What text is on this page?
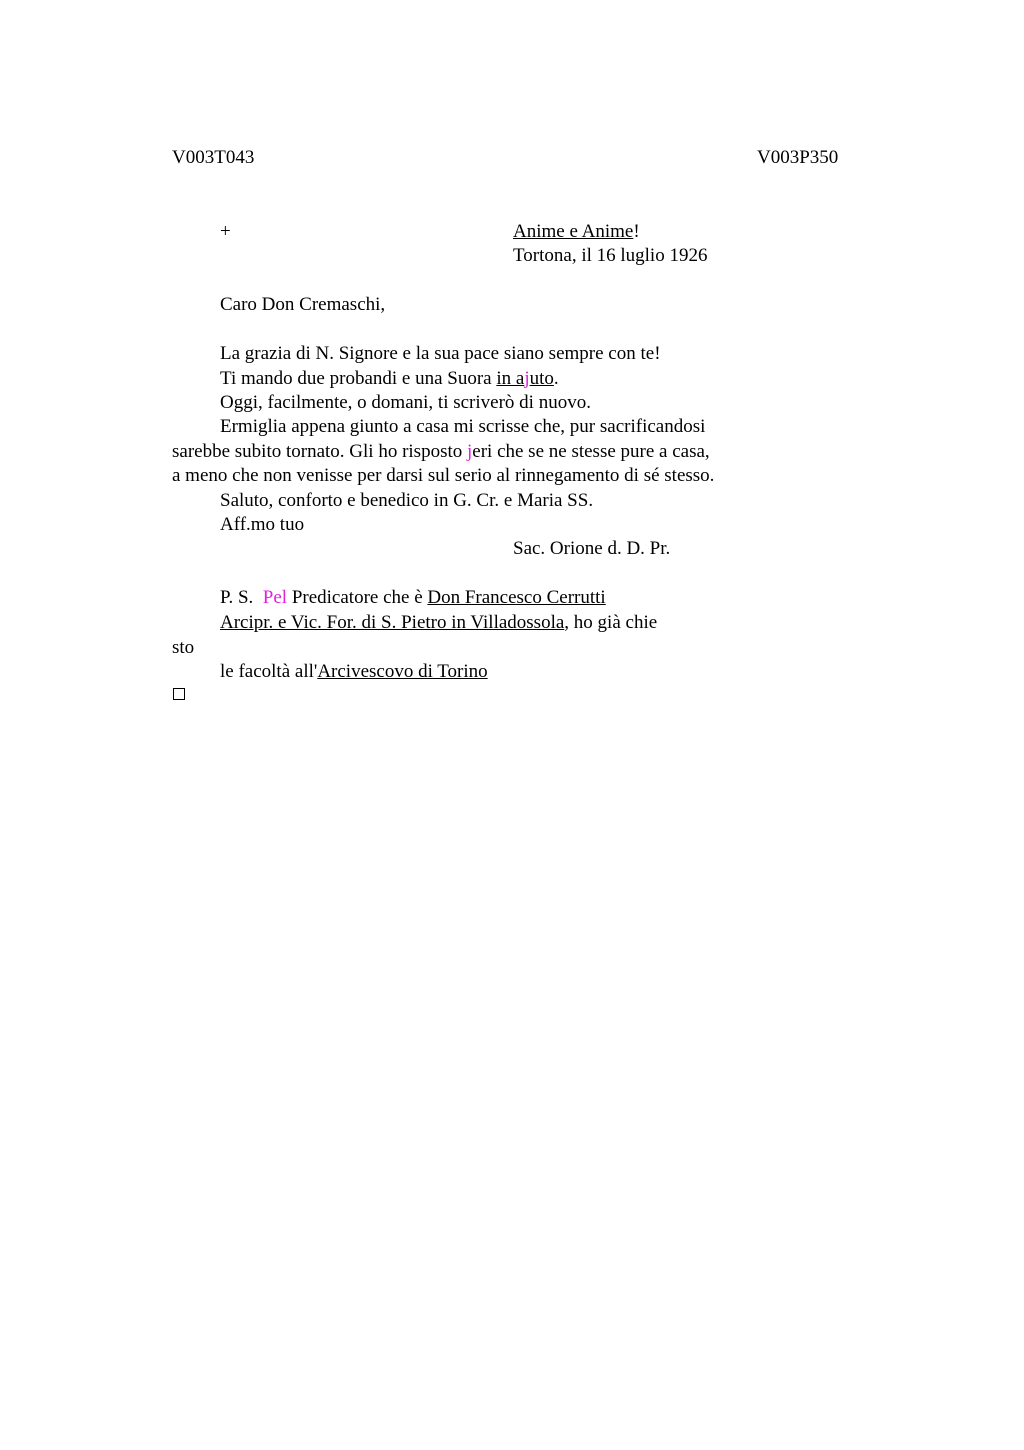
V003T043	V003P350

+	Anime e Anime!

Tortona, il 16 luglio 1926

Caro Don Cremaschi,

La grazia di N. Signore e la sua pace siano sempre con te!

Ti mando due probandi e una Suora in ajuto.

Oggi, facilmente, o domani, ti scriverò di nuovo.

Ermiglia appena giunto a casa mi scrisse che, pur sacrificandosi

sarebbe subito tornato. Gli ho risposto jeri che se ne stesse pure a casa,

a meno che non venisse per darsi sul serio al rinnegamento di sé stesso.

Saluto, conforto e benedico in G. Cr. e Maria SS.

Aff.mo tuo

Sac. Orione d. D. Pr.

P. S.  Pel Predicatore che è Don Francesco Cerrutti

Arcipr. e Vic. For. di S. Pietro in Villadossola, ho già chie

sto

le facoltà all'Arcivescovo di Torino
